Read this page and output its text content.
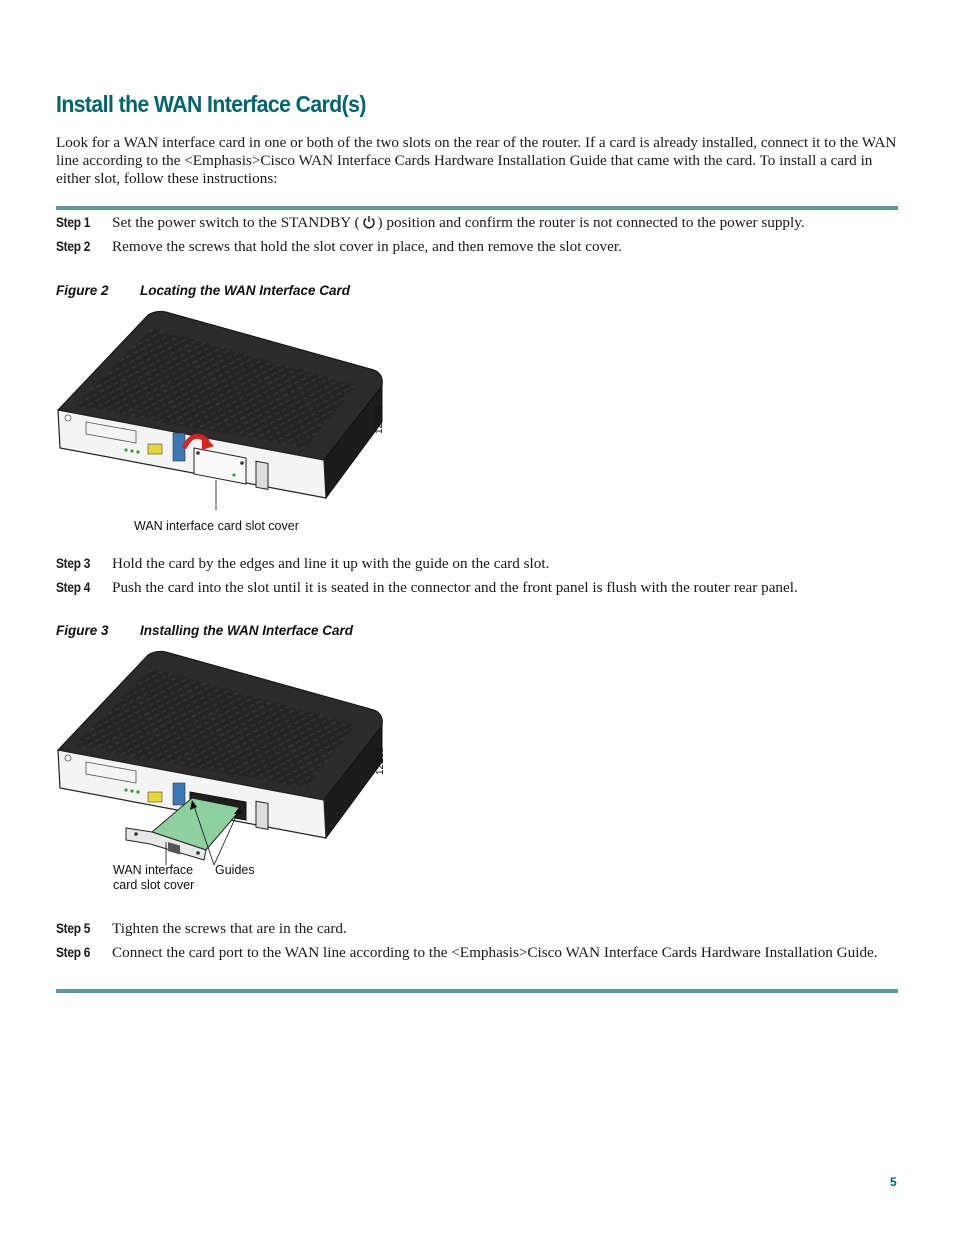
Install the WAN Interface Card(s)
Look for a WAN interface card in one or both of the two slots on the rear of the router. If a card is already installed, connect it to the WAN line according to the <Emphasis>Cisco WAN Interface Cards Hardware Installation Guide that came with the card. To install a card in either slot, follow these instructions:
Step 1 Set the power switch to the STANDBY ( ) position and confirm the router is not connected to the power supply.
Step 2 Remove the screws that hold the slot cover in place, and then remove the slot cover.
Figure 2 Locating the WAN Interface Card
12234
WAN interface card slot cover
Step 3 Hold the card by the edges and line it up with the guide on the card slot.
Step 4 Push the card into the slot until it is seated in the connector and the front panel is flush with the router rear panel.
Figure 3 Installing the WAN Interface Card
12235
WAN interface
card slot cover
Guides
Step 5 Tighten the screws that are in the card.
Step 6 Connect the card port to the WAN line according to the <Emphasis>Cisco WAN Interface Cards Hardware Installation Guide.
5
